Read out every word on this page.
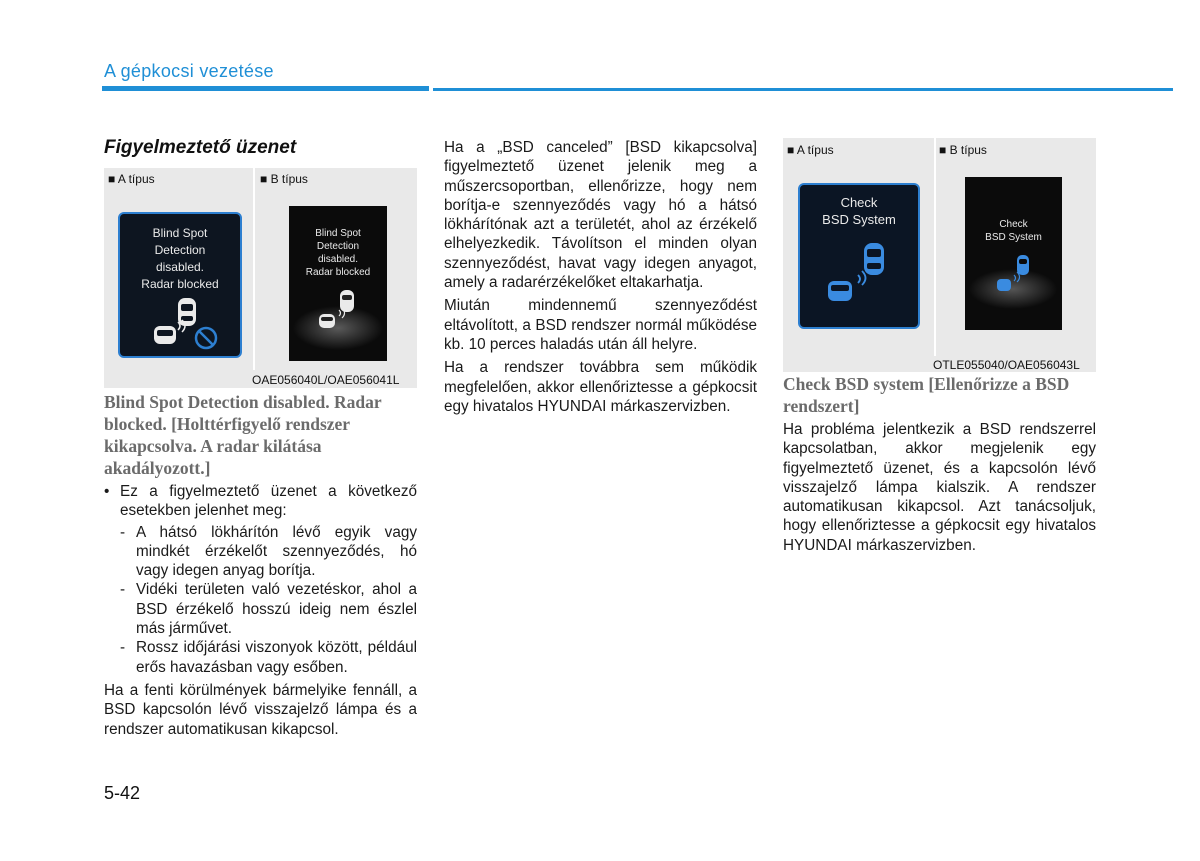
A gépkocsi vezetése
Figyelmeztető üzenet
■ A típus	■ B típus
Blind Spot
Detection
disabled.
Radar blocked
Blind Spot
Detection
disabled.
Radar blocked
OAE056040L/OAE056041L
Blind Spot Detection disabled. Radar blocked. [Holttérfigyelő rendszer kikapcsolva. A radar kilátása akadályozott.]
• Ez a figyelmeztető üzenet a következő esetekben jelenhet meg:
- A hátsó lökhárítón lévő egyik vagy mindkét érzékelőt szennyeződés, hó vagy idegen anyag borítja.
- Vidéki területen való vezetéskor, ahol a BSD érzékelő hosszú ideig nem észlel más járművet.
- Rossz időjárási viszonyok között, például erős havazásban vagy esőben.

Ha a fenti körülmények bármelyike fennáll, a BSD kapcsolón lévő visszajelző lámpa és a rendszer automatikusan kikapcsol.

Ha a „BSD canceled” [BSD kikapcsolva] figyelmeztető üzenet jelenik meg a műszercsoportban, ellenőrizze, hogy nem borítja-e szennyeződés vagy hó a hátsó lökhárítónak azt a területét, ahol az érzékelő elhelyezkedik. Távolítson el minden olyan szennyeződést, havat vagy idegen anyagot, amely a radarérzékelőket eltakarhatja.

Miután mindennemű szennyeződést eltávolított, a BSD rendszer normál működése kb. 10 perces haladás után áll helyre.

Ha a rendszer továbbra sem működik megfelelően, akkor ellenőriztesse a gépkocsit egy hivatalos HYUNDAI márkaszervizben.

■ A típus	■ B típus
Check
BSD System	Check
BSD System
OTLE055040/OAE056043L
Check BSD system [Ellenőrizze a BSD rendszert]

Ha probléma jelentkezik a BSD rendszerrel kapcsolatban, akkor megjelenik egy figyelmeztető üzenet, és a kapcsolón lévő visszajelző lámpa kialszik. A rendszer automatikusan kikapcsol. Azt tanácsoljuk, hogy ellenőriztesse a gépkocsit egy hivatalos HYUNDAI márkaszervizben.

5-42
